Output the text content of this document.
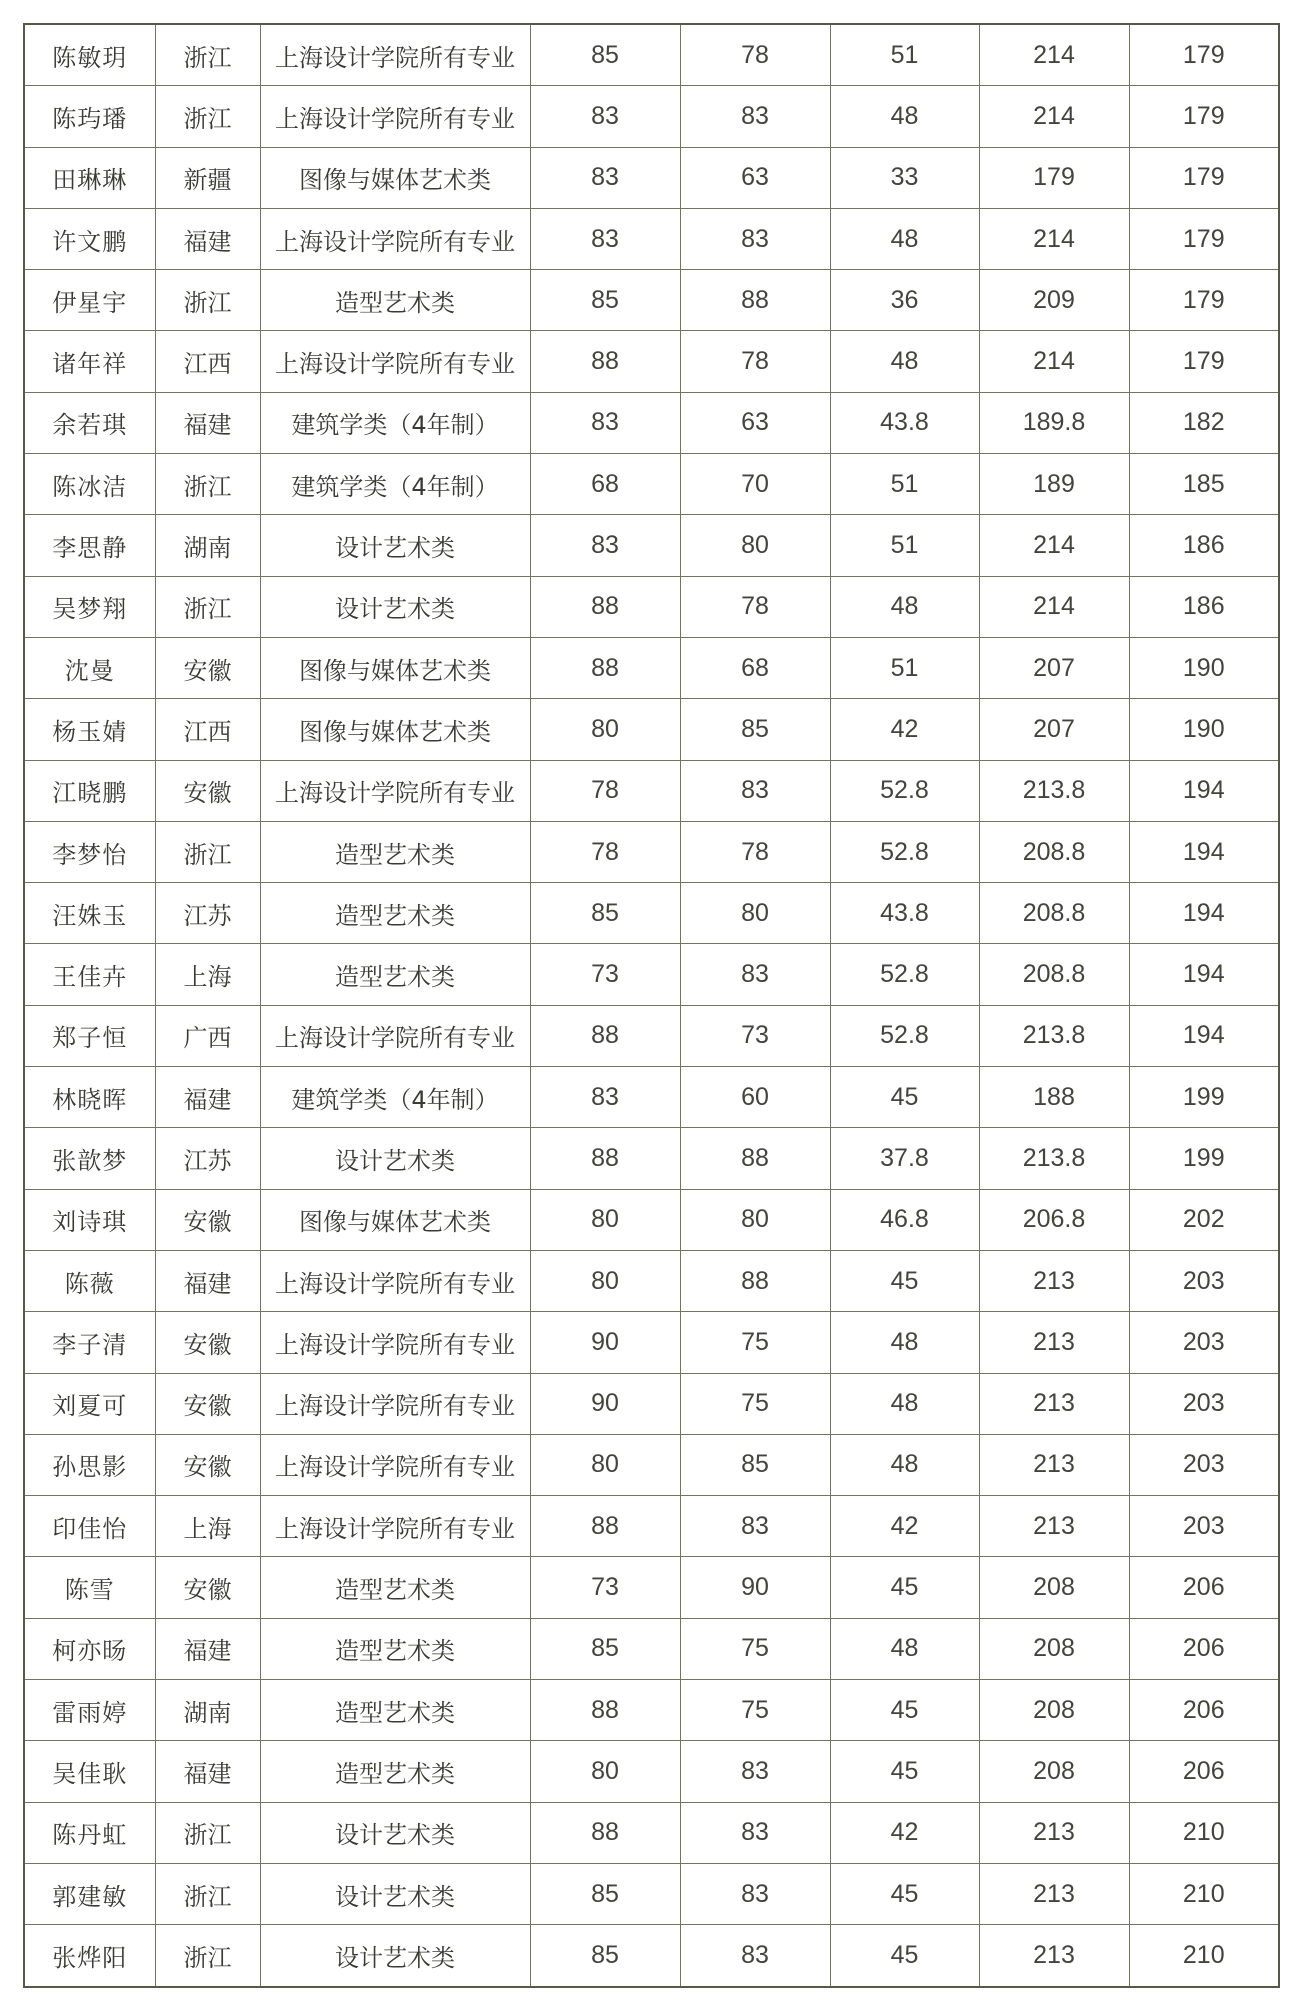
陈敏玥	浙江	上海设计学院所有专业	85	78	51	214	179
陈玙璠	浙江	上海设计学院所有专业	83	83	48	214	179
田琳琳	新疆	图像与媒体艺术类	83	63	33	179	179
许文鹏	福建	上海设计学院所有专业	83	83	48	214	179
伊星宇	浙江	造型艺术类	85	88	36	209	179
诸年祥	江西	上海设计学院所有专业	88	78	48	214	179
余若琪	福建	建筑学类（4年制）	83	63	43.8	189.8	182
陈冰洁	浙江	建筑学类（4年制）	68	70	51	189	185
李思静	湖南	设计艺术类	83	80	51	214	186
吴梦翔	浙江	设计艺术类	88	78	48	214	186
沈曼	安徽	图像与媒体艺术类	88	68	51	207	190
杨玉婧	江西	图像与媒体艺术类	80	85	42	207	190
江晓鹏	安徽	上海设计学院所有专业	78	83	52.8	213.8	194
李梦怡	浙江	造型艺术类	78	78	52.8	208.8	194
汪姝玉	江苏	造型艺术类	85	80	43.8	208.8	194
王佳卉	上海	造型艺术类	73	83	52.8	208.8	194
郑子恒	广西	上海设计学院所有专业	88	73	52.8	213.8	194
林晓晖	福建	建筑学类（4年制）	83	60	45	188	199
张歆梦	江苏	设计艺术类	88	88	37.8	213.8	199
刘诗琪	安徽	图像与媒体艺术类	80	80	46.8	206.8	202
陈薇	福建	上海设计学院所有专业	80	88	45	213	203
李子清	安徽	上海设计学院所有专业	90	75	48	213	203
刘夏可	安徽	上海设计学院所有专业	90	75	48	213	203
孙思影	安徽	上海设计学院所有专业	80	85	48	213	203
印佳怡	上海	上海设计学院所有专业	88	83	42	213	203
陈雪	安徽	造型艺术类	73	90	45	208	206
柯亦旸	福建	造型艺术类	85	75	48	208	206
雷雨婷	湖南	造型艺术类	88	75	45	208	206
吴佳耿	福建	造型艺术类	80	83	45	208	206
陈丹虹	浙江	设计艺术类	88	83	42	213	210
郭建敏	浙江	设计艺术类	85	83	45	213	210
张烨阳	浙江	设计艺术类	85	83	45	213	210
